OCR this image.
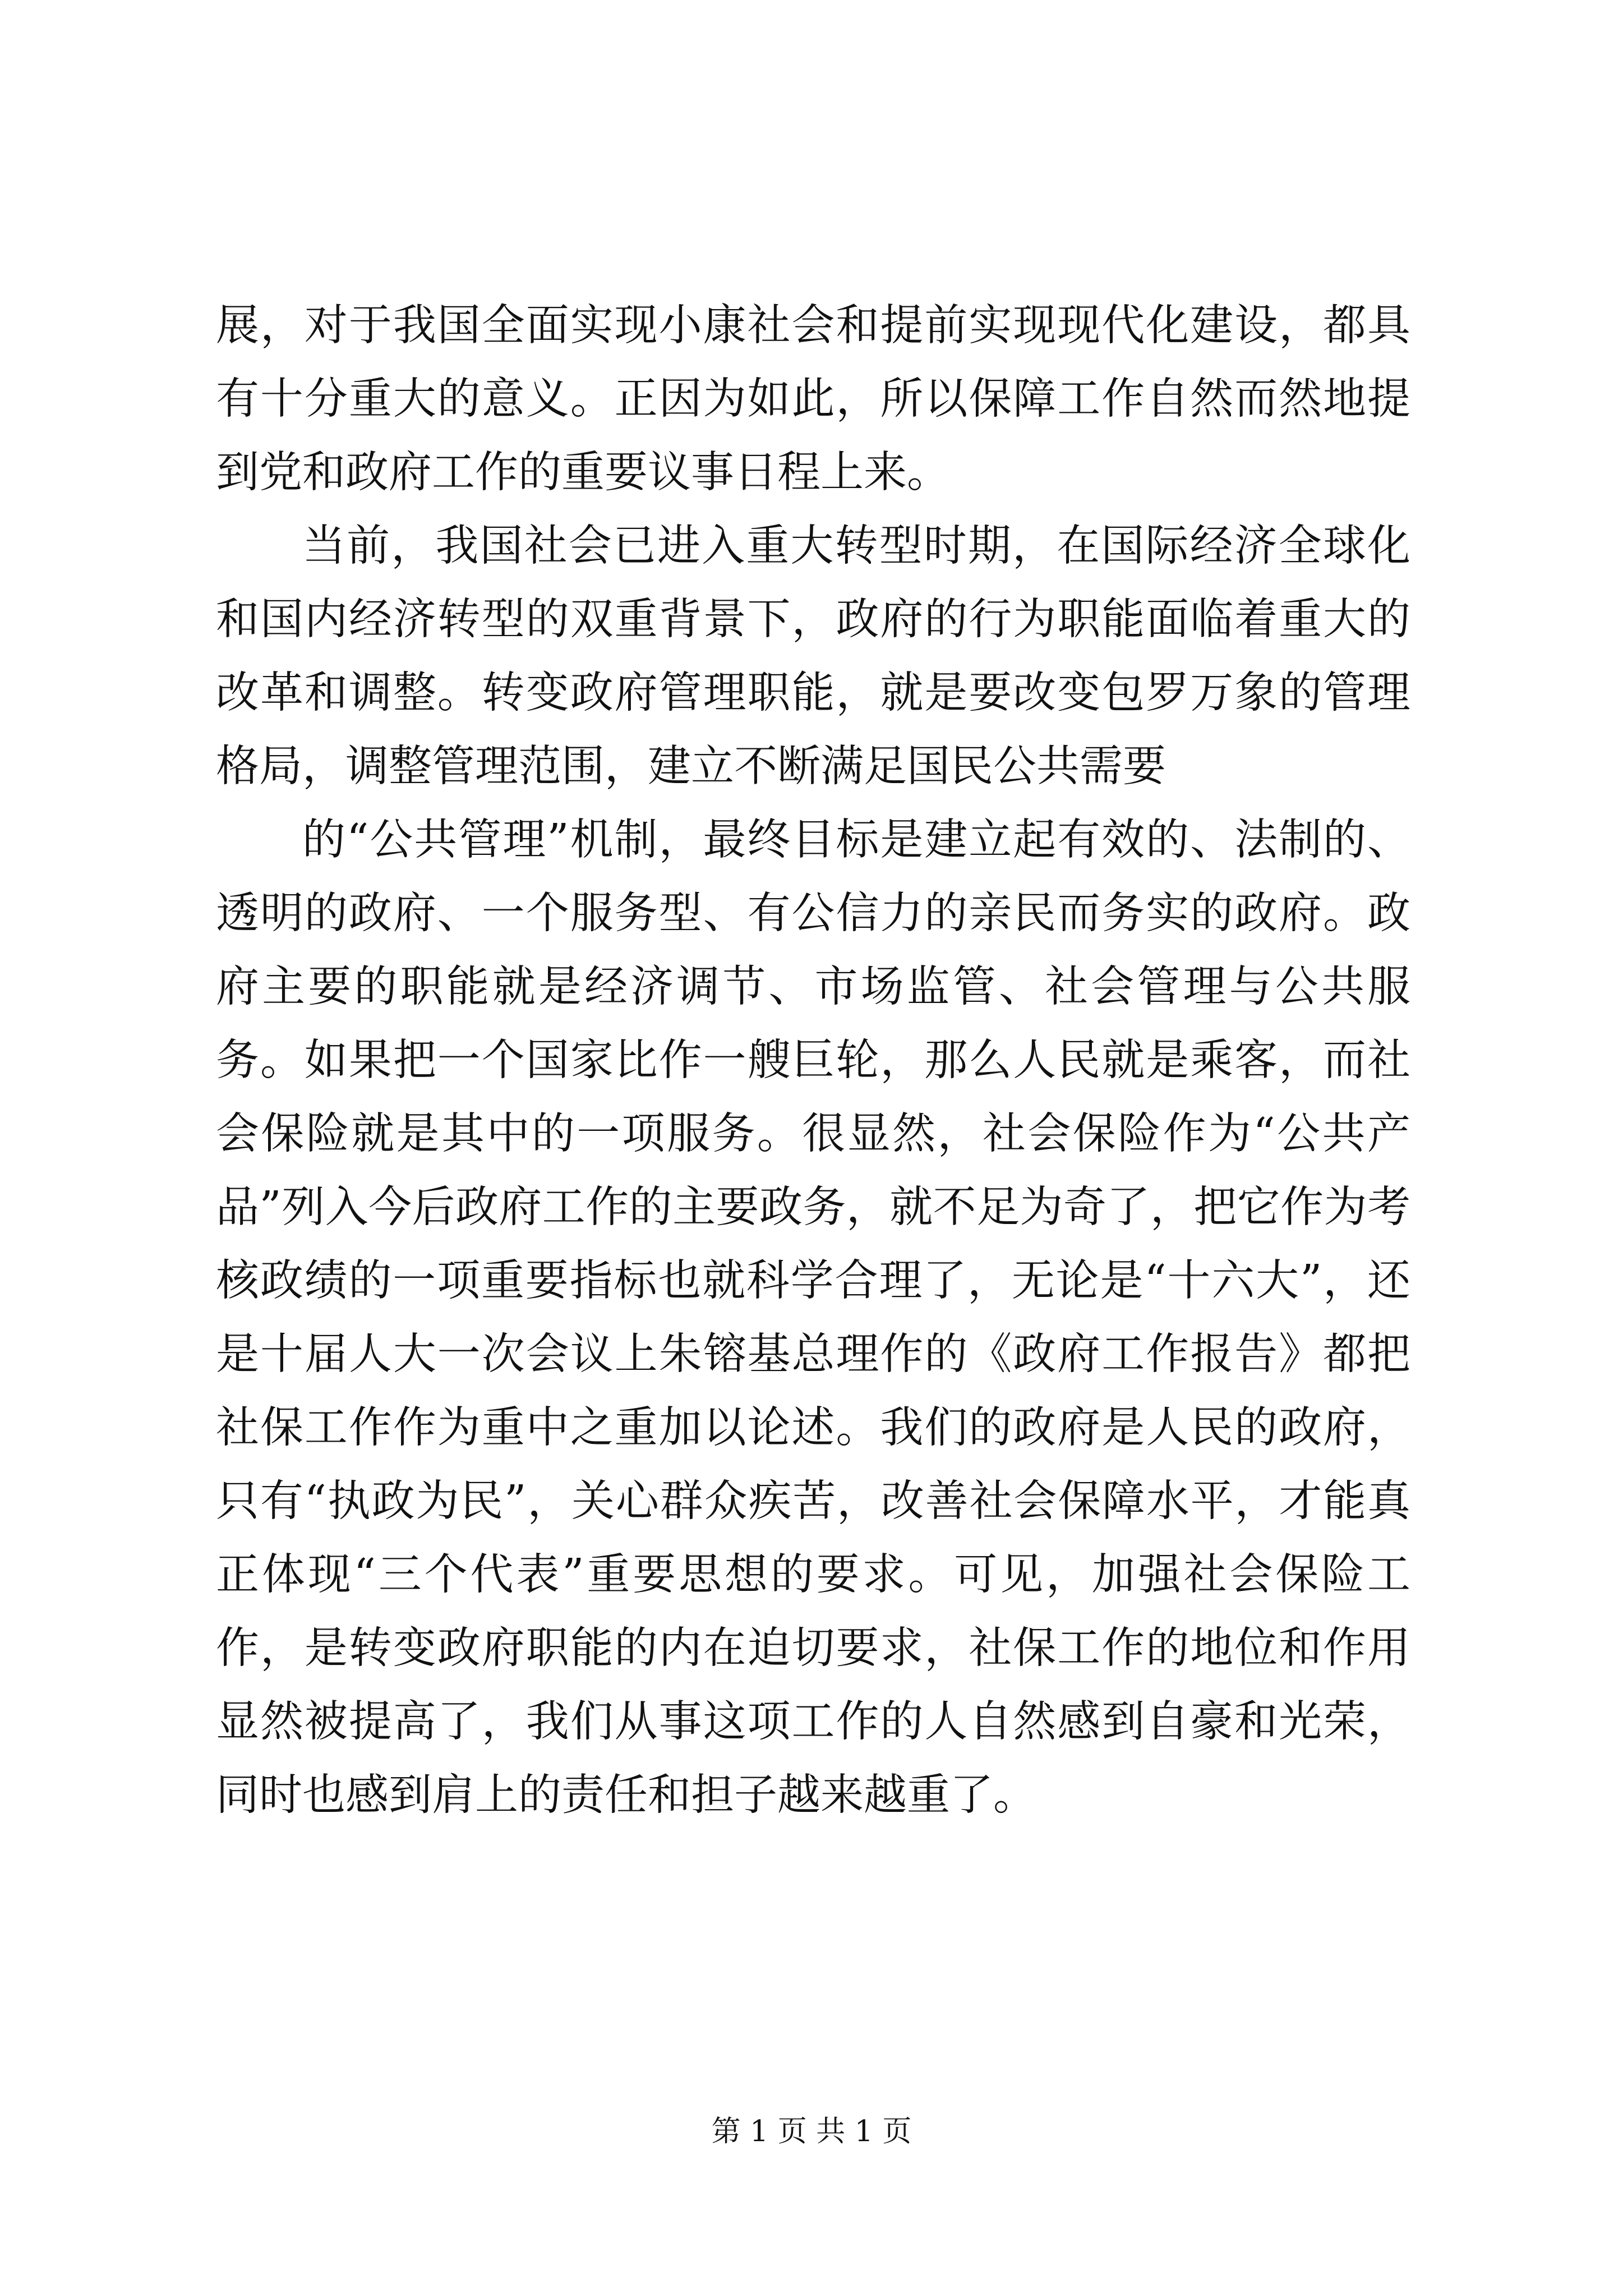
展，对于我国全面实现小康社会和提前实现现代化建设，都具有十分重大的意义。正因为如此，所以保障工作自然而然地提到党和政府工作的重要议事日程上来。

当前，我国社会已进入重大转型时期，在国际经济全球化和国内经济转型的双重背景下，政府的行为职能面临着重大的改革和调整。转变政府管理职能，就是要改变包罗万象的管理格局，调整管理范围，建立不断满足国民公共需要

的“公共管理”机制，最终目标是建立起有效的、法制的、透明的政府、一个服务型、有公信力的亲民而务实的政府。政府主要的职能就是经济调节、市场监管、社会管理与公共服务。如果把一个国家比作一艘巨轮，那么人民就是乘客，而社会保险就是其中的一项服务。很显然，社会保险作为“公共产品”列入今后政府工作的主要政务，就不足为奇了，把它作为考核政绩的一项重要指标也就科学合理了，无论是“十六大”，还是十届人大一次会议上朱镕基总理作的《政府工作报告》都把社保工作作为重中之重加以论述。我们的政府是人民的政府，只有“执政为民”，关心群众疾苦，改善社会保障水平，才能真正体现“三个代表”重要思想的要求。可见，加强社会保险工作，是转变政府职能的内在迫切要求，社保工作的地位和作用显然被提高了，我们从事这项工作的人自然感到自豪和光荣，同时也感到肩上的责任和担子越来越重了。

第 1 页 共 1 页
